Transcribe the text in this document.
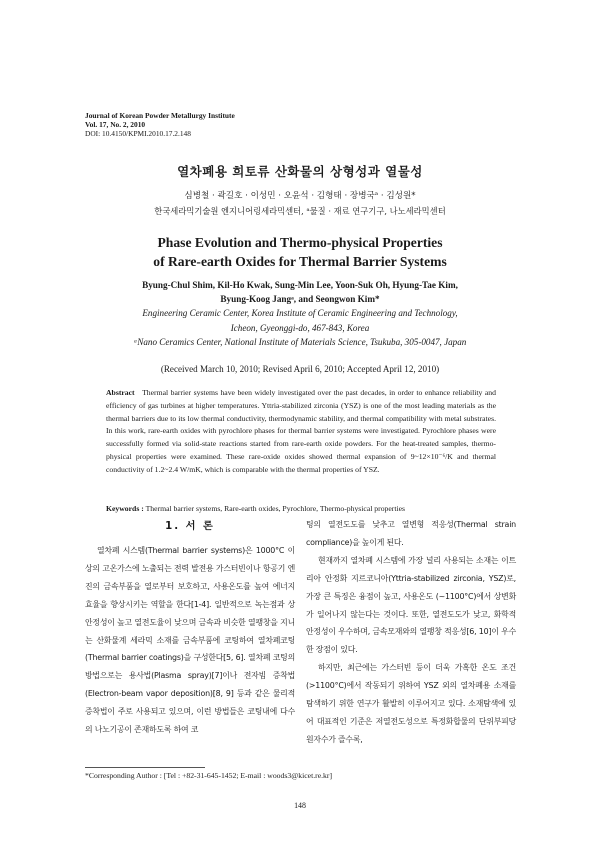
Journal of Korean Powder Metallurgy Institute
Vol. 17, No. 2, 2010
DOI: 10.4150/KPMI.2010.17.2.148
열차폐용 희토류 산화물의 상형성과 열물성
심병철 · 곽길호 · 이성민 · 오윤석 · 김형태 · 장병국ᵃ · 김성원*
한국세라믹기술원 엔지니어링세라믹센터, ᵃ물질 · 재료 연구기구, 나노세라믹센터
Phase Evolution and Thermo-physical Properties
of Rare-earth Oxides for Thermal Barrier Systems
Byung-Chul Shim, Kil-Ho Kwak, Sung-Min Lee, Yoon-Suk Oh, Hyung-Tae Kim,
Byung-Koog Jangᵃ, and Seongwon Kim*
Engineering Ceramic Center, Korea Institute of Ceramic Engineering and Technology,
Icheon, Gyeonggi-do, 467-843, Korea
ᵃNano Ceramics Center, National Institute of Materials Science, Tsukuba, 305-0047, Japan
(Received March 10, 2010; Revised April 6, 2010; Accepted April 12, 2010)
Abstract Thermal barrier systems have been widely investigated over the past decades, in order to enhance reliability and efficiency of gas turbines at higher temperatures. Yttria-stabilized zirconia (YSZ) is one of the most leading materials as the thermal barriers due to its low thermal conductivity, thermodynamic stability, and thermal compatibility with metal substrates. In this work, rare-earth oxides with pyrochlore phases for thermal barrier systems were investigated. Pyrochlore phases were successfully formed via solid-state reactions started from rare-earth oxide powders. For the heat-treated samples, thermo-physical properties were examined. These rare-oxide oxides showed thermal expansion of 9~12×10⁻⁶/K and thermal conductivity of 1.2~2.4 W/mK, which is comparable with the thermal properties of YSZ.
Keywords : Thermal barrier systems, Rare-earth oxides, Pyrochlore, Thermo-physical properties
1. 서 론

열차폐 시스템(Thermal barrier systems)은 1000°C 이상의 고온가스에 노출되는 전력 발전용 가스터빈이나 항공기 엔진의 금속부품을 열로부터 보호하고, 사용온도를 높여 에너지 효율을 향상시키는 역할을 한다[1-4]. 일반적으로 녹는점과 상안정성이 높고 열전도율이 낮으며 금속과 비슷한 열팽창을 지니는 산화물계 세라믹 소재를 금속부품에 코팅하여 열차폐코팅(Thermal barrier coatings)을 구성한다[5, 6]. 열차폐 코팅의 방법으로는 용사법(Plasma spray)[7]이나 전자빔 증착법(Electron-beam vapor deposition)[8, 9] 등과 같은 물리적 증착법이 주로 사용되고 있으며, 이런 방법들은 코팅내에 다수의 나노기공이 존재하도록 하여 코

팅의 열전도도를 낮추고 열변형 적응성(Thermal strain compliance)을 높이게 된다.

현재까지 열차폐 시스템에 가장 널리 사용되는 소재는 이트리아 안정화 지르코니아(Yttria-stabilized zirconia, YSZ)로, 가장 큰 특징은 융점이 높고, 사용온도 (~1100°C)에서 상변화가 일어나지 않는다는 것이다. 또한, 열전도도가 낮고, 화학적 안정성이 우수하며, 금속모재와의 열팽창 적응성[6, 10]이 우수한 장점이 있다.

하지만, 최근에는 가스터빈 등이 더욱 가혹한 온도 조건 (>1100°C)에서 작동되기 위하여 YSZ 외의 열차폐용 소재를 탐색하기 위한 연구가 활발히 이루어지고 있다. 소재탐색에 있어 대표적인 기준은 저열전도성으로 특정화합물의 단위부피당 원자수가 즐수록,

*Corresponding Author : [Tel : +82-31-645-1452; E-mail : woods3@kicet.re.kr]
148
